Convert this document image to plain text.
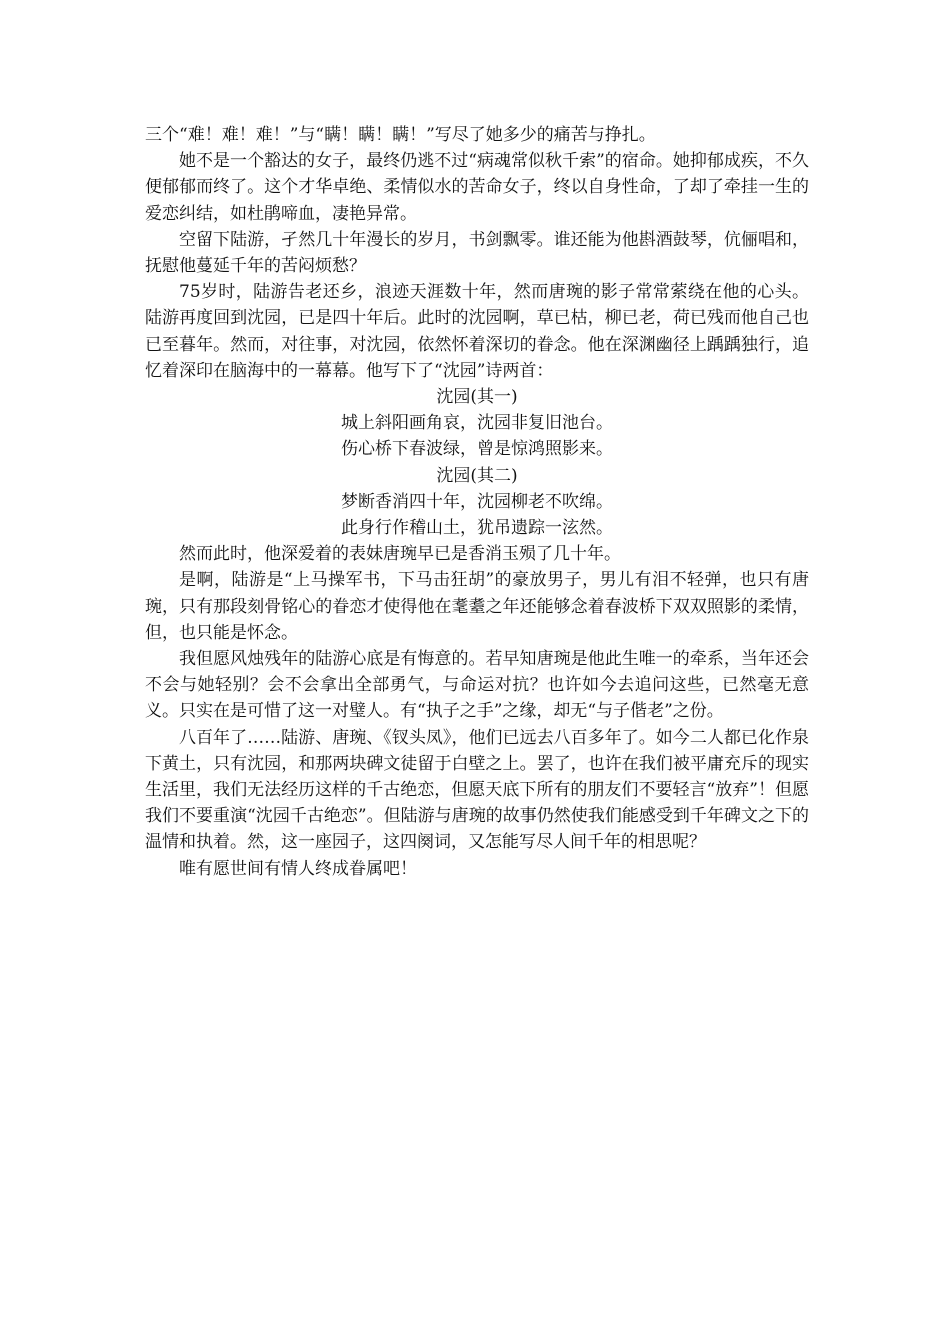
三个“难！难！难！”与“瞒！瞒！瞒！”写尽了她多少的痛苦与挣扎。

她不是一个豁达的女子，最终仍逃不过“病魂常似秋千索”的宿命。她抑郁成疾，不久便郁郁而终了。这个才华卓绝、柔情似水的苦命女子，终以自身性命，了却了牵挂一生的爱恋纠结，如杜鹃啼血，凄艳异常。

空留下陆游，孑然几十年漫长的岁月，书剑飘零。谁还能为他斟酒鼓琴，伉俪唱和，抚慰他蔓延千年的苦闷烦愁？

75岁时，陆游告老还乡，浪迹天涯数十年，然而唐琬的影子常常萦绕在他的心头。陆游再度回到沈园，已是四十年后。此时的沈园啊，草已枯，柳已老，荷已残而他自己也已至暮年。然而，对往事，对沈园，依然怀着深切的眷念。他在深渊幽径上踽踽独行，追忆着深印在脑海中的一幕幕。他写下了“沈园”诗两首：

沈园(其一)

城上斜阳画角哀，沈园非复旧池台。

伤心桥下春波绿，曾是惊鸿照影来。

沈园(其二)

梦断香消四十年，沈园柳老不吹绵。

此身行作稽山土，犹吊遗踪一泫然。

然而此时，他深爱着的表妹唐琬早已是香消玉殒了几十年。

是啊，陆游是“上马操军书，下马击狂胡”的豪放男子，男儿有泪不轻弹，也只有唐琬，只有那段刻骨铭心的眷恋才使得他在耄耋之年还能够念着春波桥下双双照影的柔情，但，也只能是怀念。

我但愿风烛残年的陆游心底是有悔意的。若早知唐琬是他此生唯一的牵系，当年还会不会与她轻别？会不会拿出全部勇气，与命运对抗？也许如今去追问这些，已然毫无意义。只实在是可惜了这一对璧人。有“执子之手”之缘，却无“与子偕老”之份。

八百年了……陆游、唐琬、《钗头凤》，他们已远去八百多年了。如今二人都已化作泉下黄土，只有沈园，和那两块碑文徒留于白壁之上。罢了，也许在我们被平庸充斥的现实生活里，我们无法经历这样的千古绝恋，但愿天底下所有的朋友们不要轻言“放弃”！但愿我们不要重演“沈园千古绝恋”。但陆游与唐琬的故事仍然使我们能感受到千年碑文之下的温情和执着。然，这一座园子，这四阕词，又怎能写尽人间千年的相思呢？

唯有愿世间有情人终成眷属吧！
